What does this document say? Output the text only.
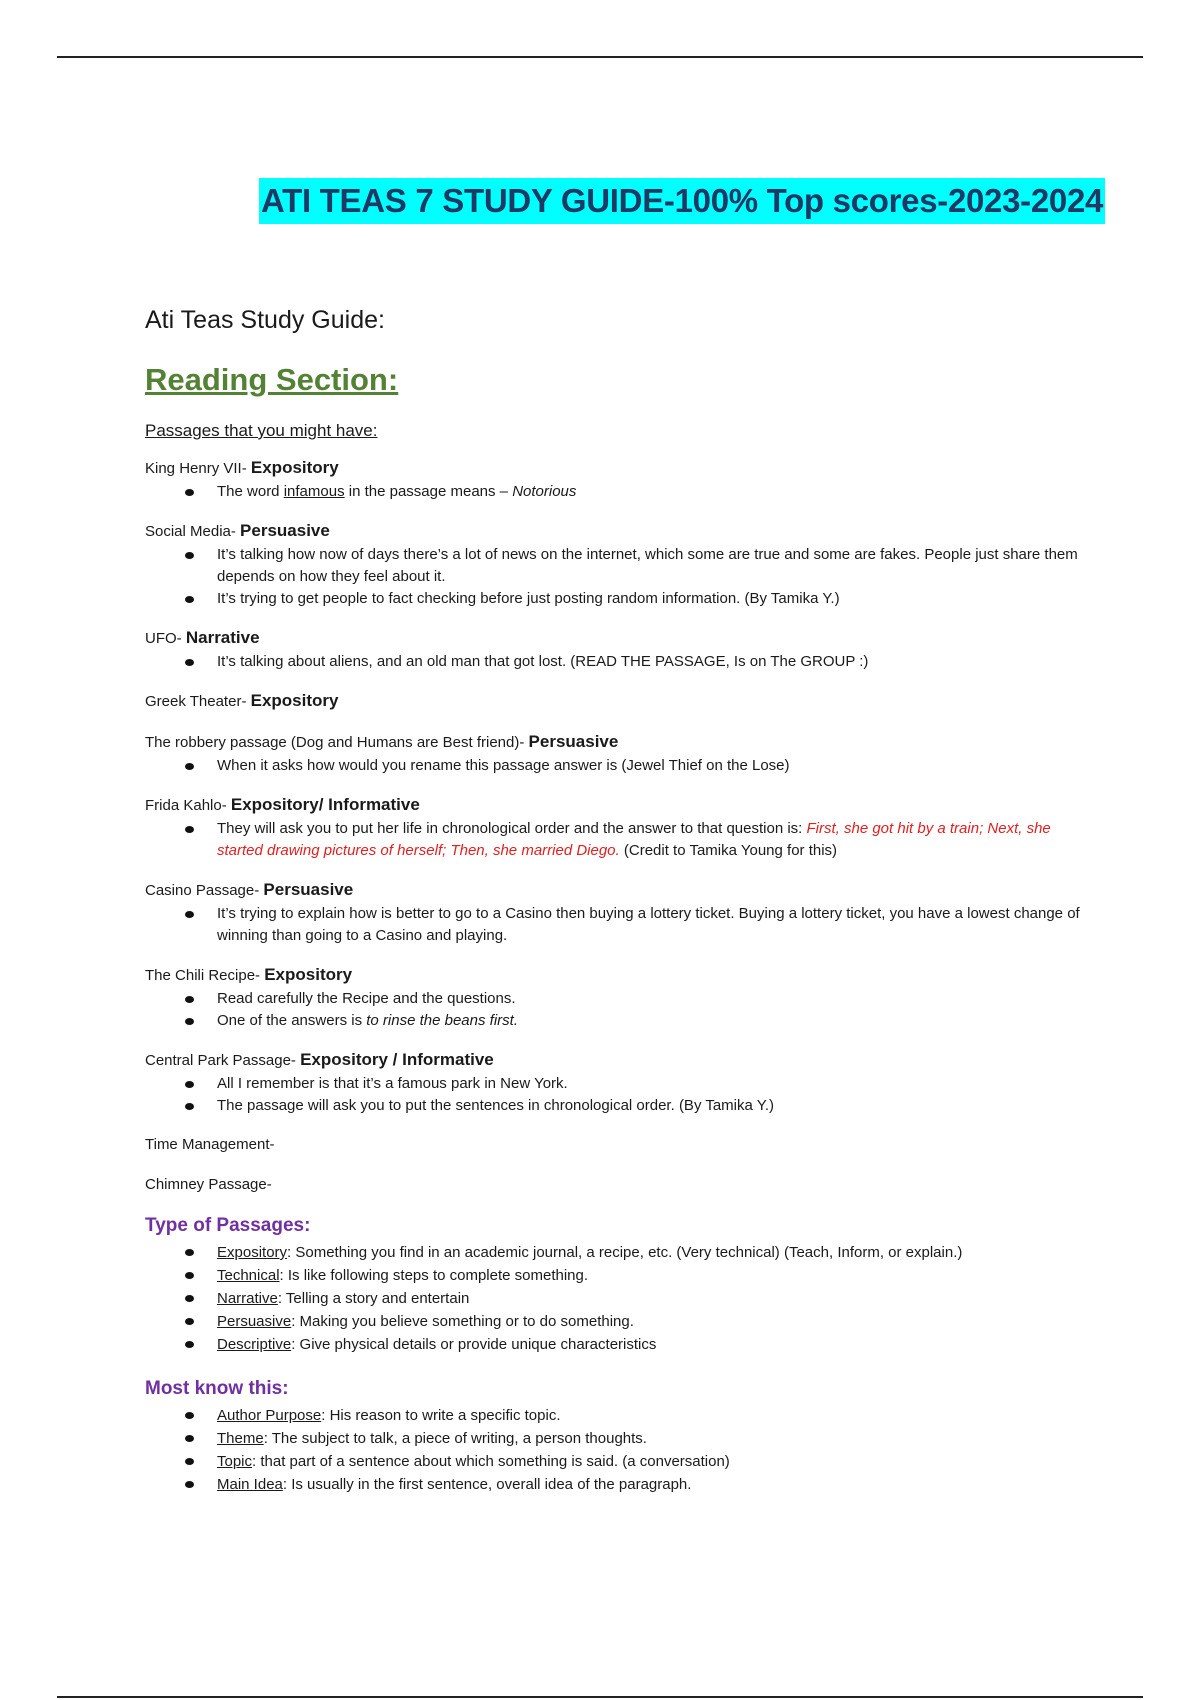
ATI TEAS 7 STUDY GUIDE-100% Top scores-2023-2024
Ati Teas Study Guide:
Reading Section:
Passages that you might have:
King Henry VII- Expository
The word infamous in the passage means – Notorious
Social Media- Persuasive
It’s talking how now of days there’s a lot of news on the internet, which some are true and some are fakes. People just share them depends on how they feel about it.
It’s trying to get people to fact checking before just posting random information. (By Tamika Y.)
UFO- Narrative
It’s talking about aliens, and an old man that got lost. (READ THE PASSAGE, Is on The GROUP :)
Greek Theater- Expository
The robbery passage (Dog and Humans are Best friend)- Persuasive
When it asks how would you rename this passage answer is (Jewel Thief on the Lose)
Frida Kahlo- Expository/ Informative
They will ask you to put her life in chronological order and the answer to that question is: First, she got hit by a train; Next, she started drawing pictures of herself; Then, she married Diego. (Credit to Tamika Young for this)
Casino Passage- Persuasive
It’s trying to explain how is better to go to a Casino then buying a lottery ticket. Buying a lottery ticket, you have a lowest change of winning than going to a Casino and playing.
The Chili Recipe- Expository
Read carefully the Recipe and the questions.
One of the answers is to rinse the beans first.
Central Park Passage- Expository / Informative
All I remember is that it’s a famous park in New York.
The passage will ask you to put the sentences in chronological order. (By Tamika Y.)
Time Management-
Chimney Passage-
Type of Passages:
Expository: Something you find in an academic journal, a recipe, etc. (Very technical) (Teach, Inform, or explain.)
Technical: Is like following steps to complete something.
Narrative: Telling a story and entertain
Persuasive: Making you believe something or to do something.
Descriptive: Give physical details or provide unique characteristics
Most know this:
Author Purpose: His reason to write a specific topic.
Theme: The subject to talk, a piece of writing, a person thoughts.
Topic: that part of a sentence about which something is said. (a conversation)
Main Idea: Is usually in the first sentence, overall idea of the paragraph.
